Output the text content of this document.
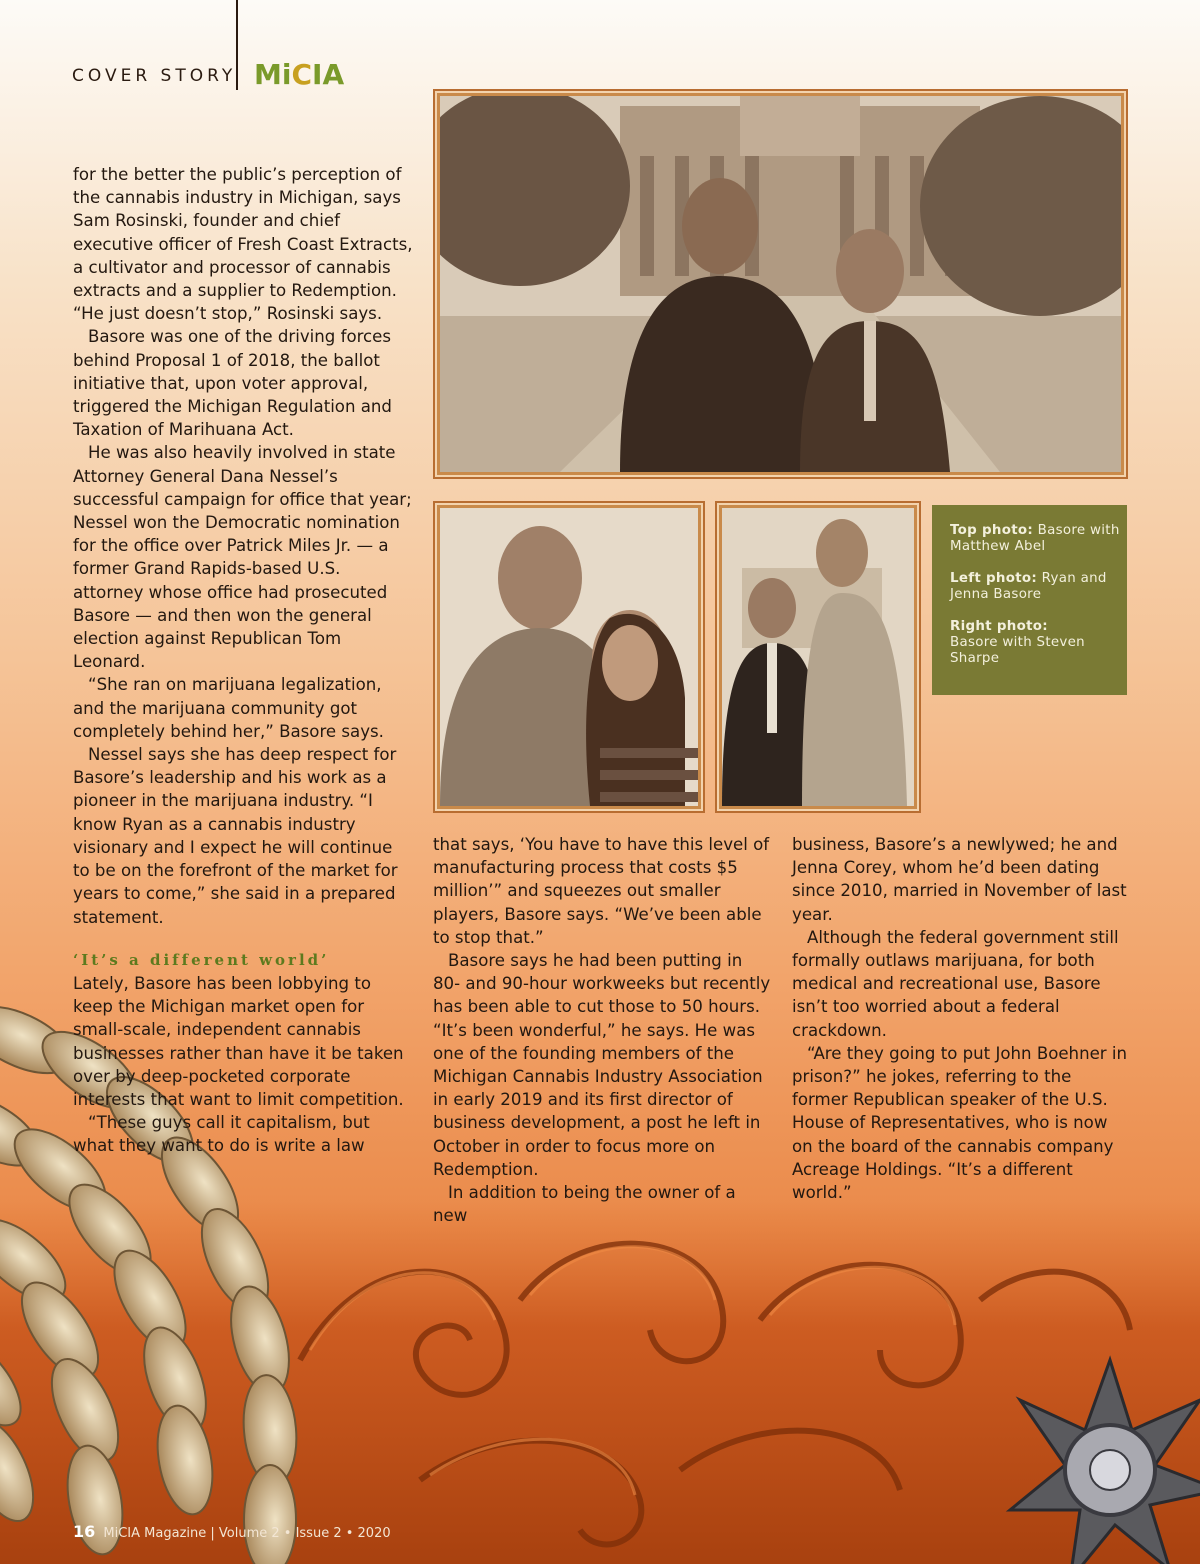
COVER STORY MiCIA

for the better the public’s perception of the cannabis industry in Michigan, says Sam Rosinski, founder and chief executive officer of Fresh Coast Extracts, a cultivator and processor of cannabis extracts and a supplier to Redemption. “He just doesn’t stop,” Rosinski says.

Basore was one of the driving forces behind Proposal 1 of 2018, the ballot initiative that, upon voter approval, triggered the Michigan Regulation and Taxation of Marihuana Act.

He was also heavily involved in state Attorney General Dana Nessel’s successful campaign for office that year; Nessel won the Democratic nomination for the office over Patrick Miles Jr. — a former Grand Rapids-based U.S. attorney whose office had prosecuted Basore — and then won the general election against Republican Tom Leonard.

“She ran on marijuana legalization, and the marijuana community got completely behind her,” Basore says.

Nessel says she has deep respect for Basore’s leadership and his work as a pioneer in the marijuana industry. “I know Ryan as a cannabis industry visionary and I expect he will continue to be on the forefront of the market for years to come,” she said in a prepared statement.

‘It’s a different world’

Lately, Basore has been lobbying to keep the Michigan market open for small-scale, independent cannabis businesses rather than have it be taken over by deep-pocketed corporate interests that want to limit competition.

“These guys call it capitalism, but what they want to do is write a law

that says, ‘You have to have this level of manufacturing process that costs $5 million’” and squeezes out smaller players, Basore says. “We’ve been able to stop that.”

Basore says he had been putting in 80- and 90-hour workweeks but recently has been able to cut those to 50 hours. “It’s been wonderful,” he says. He was one of the founding members of the Michigan Cannabis Industry Association in early 2019 and its first director of business development, a post he left in October in order to focus more on Redemption.

In addition to being the owner of a new

business, Basore’s a newlywed; he and Jenna Corey, whom he’d been dating since 2010, married in November of last year.

Although the federal government still formally outlaws marijuana, for both medical and recreational use, Basore isn’t too worried about a federal crackdown.

“Are they going to put John Boehner in prison?” he jokes, referring to the former Republican speaker of the U.S. House of Representatives, who is now on the board of the cannabis company Acreage Holdings. “It’s a different world.”

Top photo: Basore with Matthew Abel

Left photo: Ryan and Jenna Basore

Right photo:
Basore with Steven Sharpe

16 MiCIA Magazine | Volume 2 • Issue 2 • 2020
